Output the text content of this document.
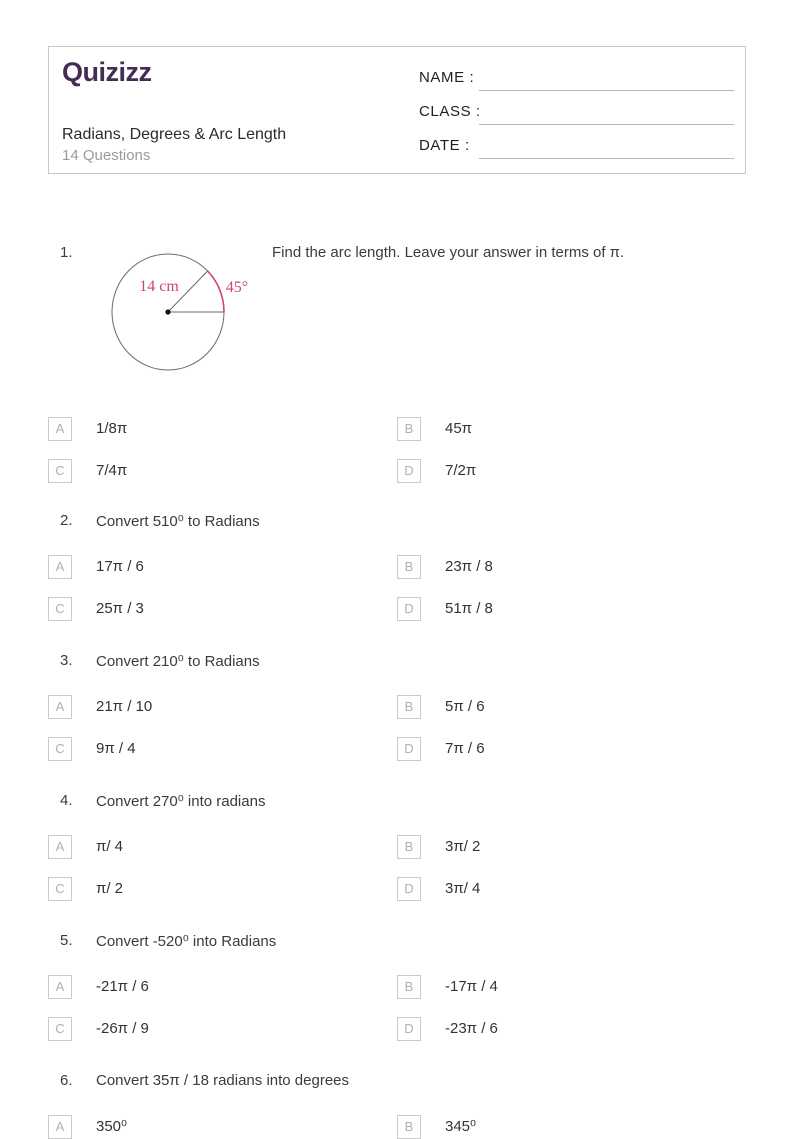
Quizizz
Radians, Degrees & Arc Length
14 Questions
NAME :
CLASS :
DATE :
1.	Find the arc length. Leave your answer in terms of π.
14 cm	45°
A	1/8π	B	45π
C	7/4π	D	7/2π
2. Convert 510⁰ to Radians
A	17π / 6	B	23π / 8
C	25π / 3	D	51π / 8
3. Convert 210⁰ to Radians
A	21π / 10	B	5π / 6
C	9π / 4	D	7π / 6
4. Convert 270⁰ into radians
A	π/ 4	B	3π/ 2
C	π/ 2	D	3π/ 4
5. Convert -520⁰ into Radians
A	-21π / 6	B	-17π / 4
C	-26π / 9	D	-23π / 6
6. Convert 35π / 18 radians into degrees
A	350⁰	B	345⁰
